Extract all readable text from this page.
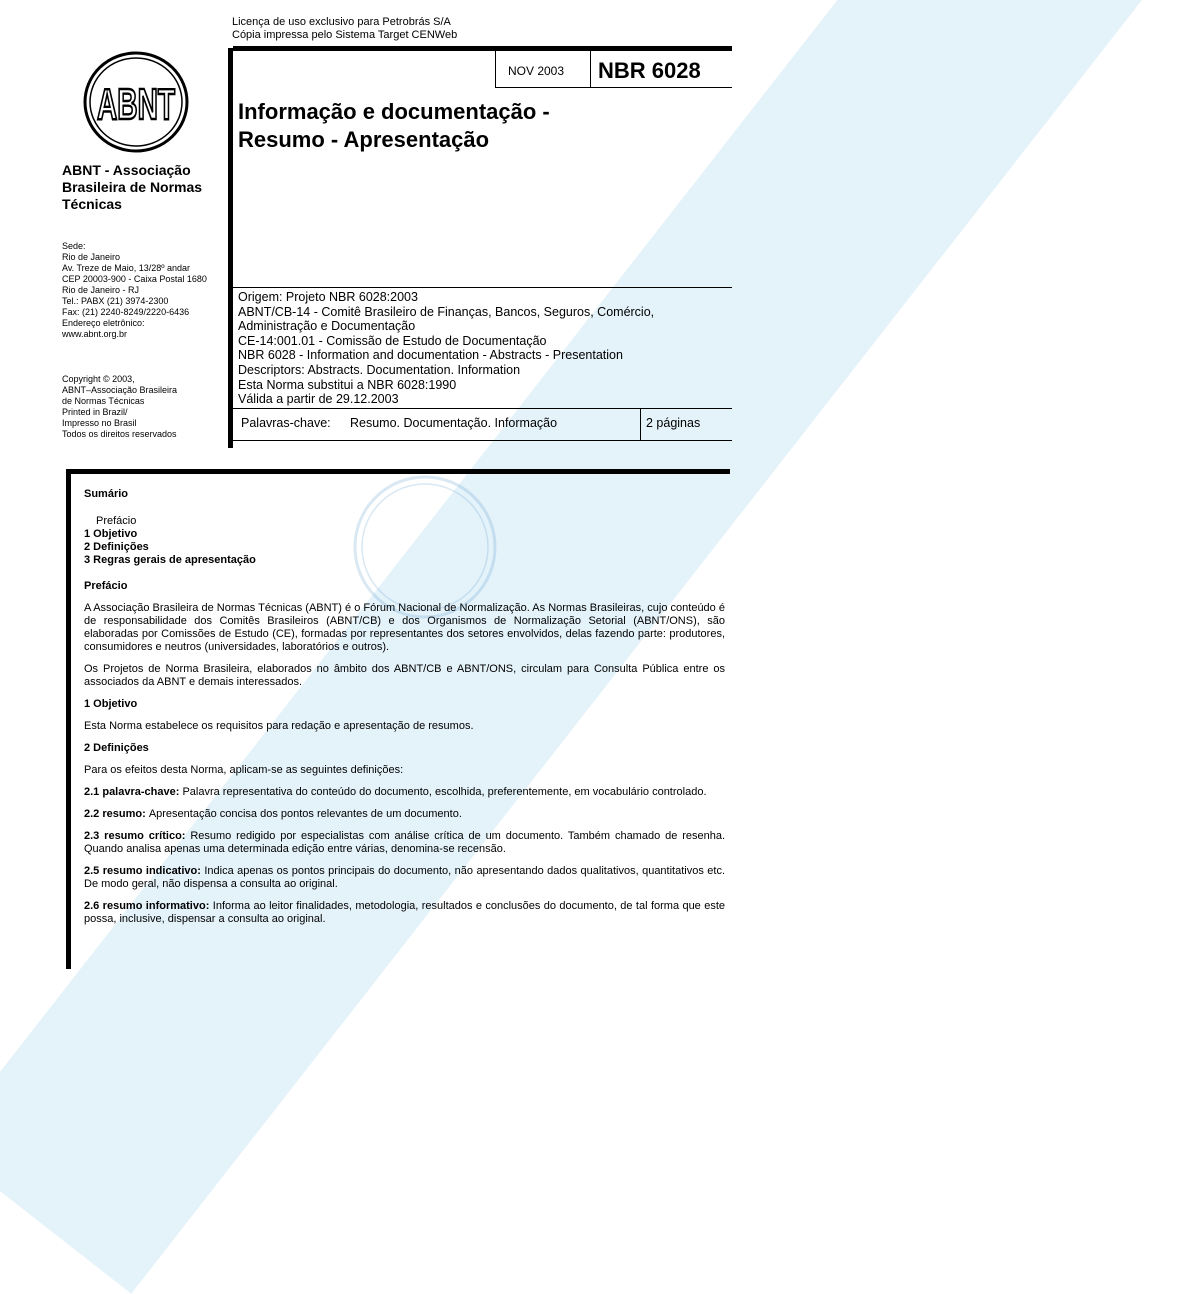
Licença de uso exclusivo para Petrobrás S/A
Cópia impressa pelo Sistema Target CENWeb
ABNT
ABNT - Associação Brasileira de Normas Técnicas
Sede:
Rio de Janeiro
Av. Treze de Maio, 13/28º andar
CEP 20003-900 - Caixa Postal 1680
Rio de Janeiro - RJ
Tel.: PABX (21) 3974-2300
Fax: (21) 2240-8249/2220-6436
Endereço eletrônico:
www.abnt.org.br
Copyright © 2003,
ABNT–Associação Brasileira
de Normas Técnicas
Printed in Brazil/
Impresso no Brasil
Todos os direitos reservados
NOV 2003 NBR 6028
Informação e documentação -
Resumo - Apresentação
Origem: Projeto NBR 6028:2003
ABNT/CB-14 - Comitê Brasileiro de Finanças, Bancos, Seguros, Comércio,
Administração e Documentação
CE-14:001.01 - Comissão de Estudo de Documentação
NBR 6028 - Information and documentation - Abstracts - Presentation
Descriptors: Abstracts. Documentation. Information
Esta Norma substitui a NBR 6028:1990
Válida a partir de 29.12.2003
Palavras-chave: Resumo. Documentação. Informação	2 páginas

Sumário

Prefácio

1 Objetivo

2 Definições

3 Regras gerais de apresentação

Prefácio

A Associação Brasileira de Normas Técnicas (ABNT) é o Fórum Nacional de Normalização. As Normas Brasileiras, cujo conteúdo é de responsabilidade dos Comitês Brasileiros (ABNT/CB) e dos Organismos de Normalização Setorial (ABNT/ONS), são elaboradas por Comissões de Estudo (CE), formadas por representantes dos setores envolvidos, delas fazendo parte: produtores, consumidores e neutros (universidades, laboratórios e outros).

Os Projetos de Norma Brasileira, elaborados no âmbito dos ABNT/CB e ABNT/ONS, circulam para Consulta Pública entre os associados da ABNT e demais interessados.

1 Objetivo

Esta Norma estabelece os requisitos para redação e apresentação de resumos.

2 Definições

Para os efeitos desta Norma, aplicam-se as seguintes definições:

2.1 palavra-chave: Palavra representativa do conteúdo do documento, escolhida, preferentemente, em vocabulário controlado.

2.2 resumo: Apresentação concisa dos pontos relevantes de um documento.

2.3 resumo crítico: Resumo redigido por especialistas com análise crítica de um documento. Também chamado de resenha. Quando analisa apenas uma determinada edição entre várias, denomina-se recensão.

2.5 resumo indicativo: Indica apenas os pontos principais do documento, não apresentando dados qualitativos, quantitativos etc. De modo geral, não dispensa a consulta ao original.

2.6 resumo informativo: Informa ao leitor finalidades, metodologia, resultados e conclusões do documento, de tal forma que este possa, inclusive, dispensar a consulta ao original.
